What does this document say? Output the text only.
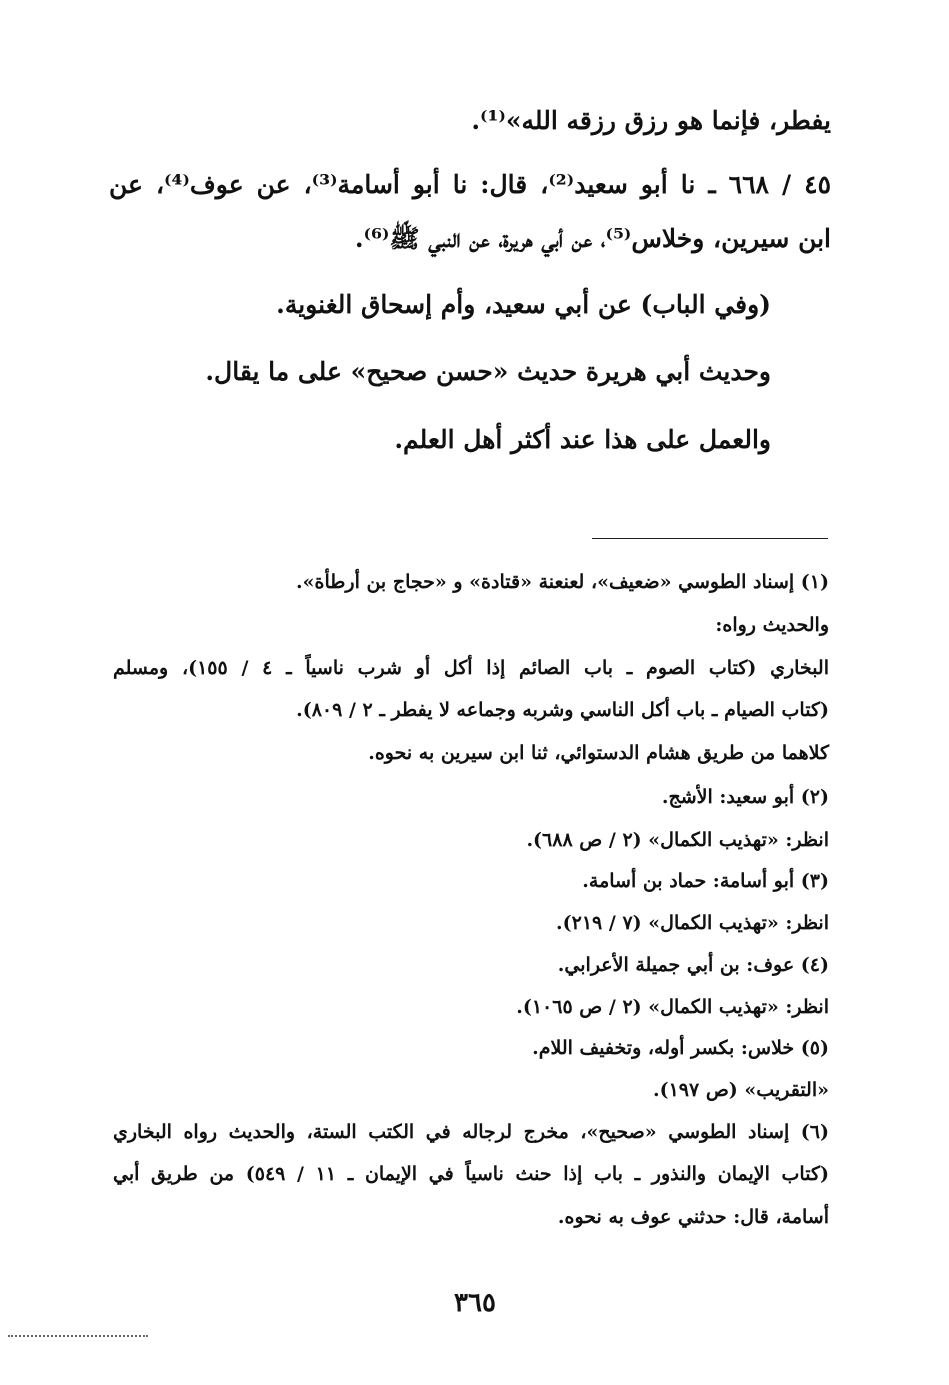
يفطر، فإنما هو رزق رزقه الله»⁽¹⁾.
٤٥ / ٦٦٨ ـ نا أبو سعيد⁽²⁾، قال: نا أبو أسامة⁽³⁾، عن عوف⁽⁴⁾، عن
ابن سيرين، وخلاس⁽⁵⁾، عن أبي هريرة، عن النبي ﷺ⁽⁶⁾.
(وفي الباب) عن أبي سعيد، وأم إسحاق الغنوية.
وحديث أبي هريرة حديث «حسن صحيح» على ما يقال.
والعمل على هذا عند أكثر أهل العلم.
(١) إسناد الطوسي «ضعيف»، لعنعنة «قتادة» و «حجاج بن أرطأة».
والحديث رواه:
البخاري (كتاب الصوم ـ باب الصائم إذا أكل أو شرب ناسياً ـ ٤ / ١٥٥)، ومسلم
(كتاب الصيام ـ باب أكل الناسي وشربه وجماعه لا يفطر ـ ٢ / ٨٠٩).
كلاهما من طريق هشام الدستوائي، ثنا ابن سيرين به نحوه.
(٢) أبو سعيد: الأشج.
انظر: «تهذيب الكمال» (٢ / ص ٦٨٨).
(٣) أبو أسامة: حماد بن أسامة.
انظر: «تهذيب الكمال» (٧ / ٢١٩).
(٤) عوف: بن أبي جميلة الأعرابي.
انظر: «تهذيب الكمال» (٢ / ص ١٠٦٥).
(٥) خلاس: بكسر أوله، وتخفيف اللام.
«التقريب» (ص ١٩٧).
(٦) إسناد الطوسي «صحيح»، مخرج لرجاله في الكتب الستة، والحديث رواه البخاري
(كتاب الإيمان والنذور ـ باب إذا حنث ناسياً في الإيمان ـ ١١ / ٥٤٩) من طريق أبي
أسامة، قال: حدثني عوف به نحوه.
٣٦٥
